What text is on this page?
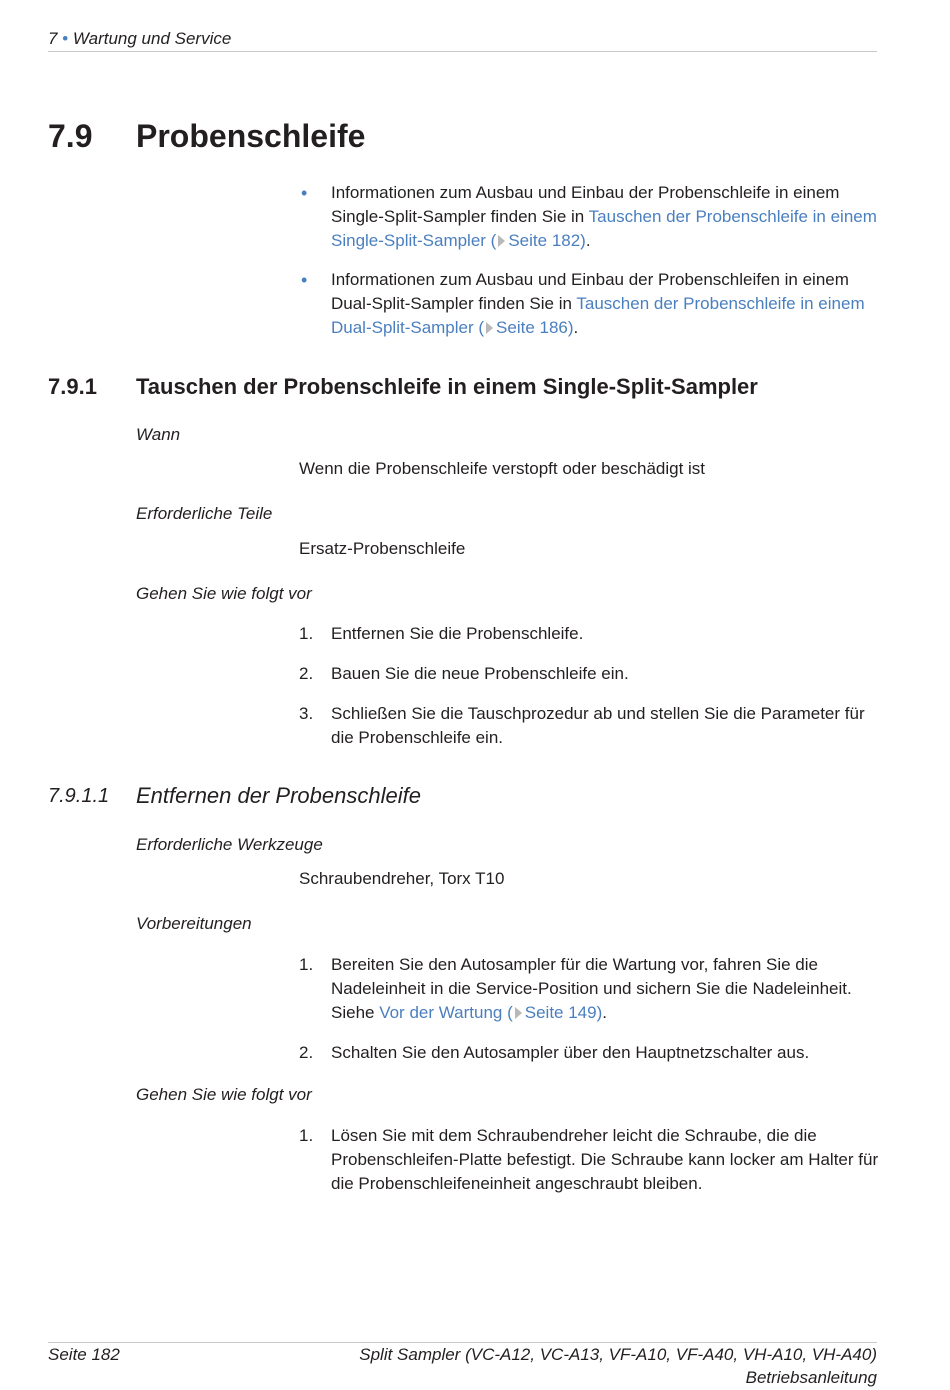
7 • Wartung und Service
7.9 Probenschleife
• Informationen zum Ausbau und Einbau der Probenschleife in einem Single-Split-Sampler finden Sie in Tauschen der Probenschleife in einem Single-Split-Sampler ( Seite 182).
• Informationen zum Ausbau und Einbau der Probenschleifen in einem Dual-Split-Sampler finden Sie in Tauschen der Probenschleife in einem Dual-Split-Sampler ( Seite 186).
7.9.1 Tauschen der Probenschleife in einem Single-Split-Sampler
Wann
Wenn die Probenschleife verstopft oder beschädigt ist
Erforderliche Teile
Ersatz-Probenschleife
Gehen Sie wie folgt vor
1. Entfernen Sie die Probenschleife.
2. Bauen Sie die neue Probenschleife ein.
3. Schließen Sie die Tauschprozedur ab und stellen Sie die Parameter für die Probenschleife ein.
7.9.1.1 Entfernen der Probenschleife
Erforderliche Werkzeuge
Schraubendreher, Torx T10
Vorbereitungen
1. Bereiten Sie den Autosampler für die Wartung vor, fahren Sie die Nadeleinheit in die Service-Position und sichern Sie die Nadeleinheit. Siehe Vor der Wartung ( Seite 149).
2. Schalten Sie den Autosampler über den Hauptnetzschalter aus.
Gehen Sie wie folgt vor
1. Lösen Sie mit dem Schraubendreher leicht die Schraube, die die Probenschleifen-Platte befestigt. Die Schraube kann locker am Halter für die Probenschleifeneinheit angeschraubt bleiben.
Seite 182	Split Sampler (VC-A12, VC-A13, VF-A10, VF-A40, VH-A10, VH-A40)
Betriebsanleitung
